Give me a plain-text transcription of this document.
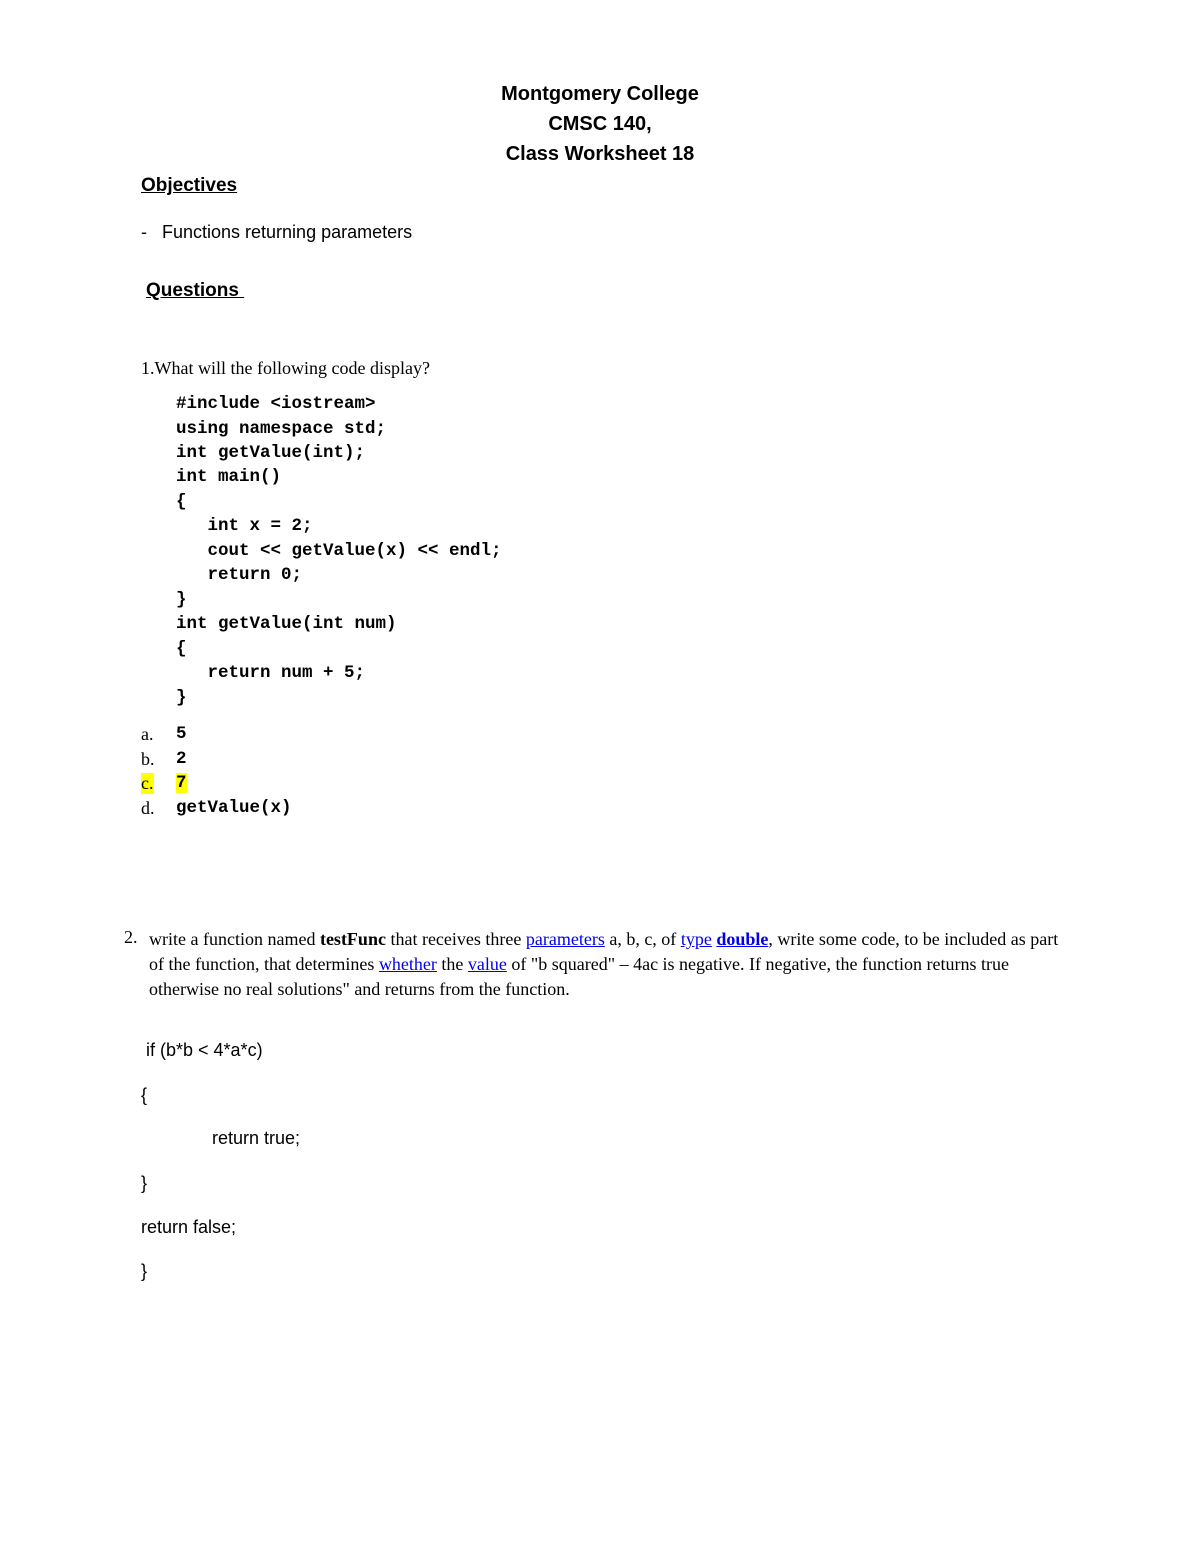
Montgomery College
CMSC 140,
Class Worksheet 18
Objectives
- Functions returning parameters
Questions
1.What will the following code display?
#include <iostream>
using namespace std;
int getValue(int);
int main()
{
int x = 2;
cout << getValue(x) << endl;
return 0;
}
int getValue(int num)
{
return num + 5;
}
a. 5
b. 2
c. 7
d. getValue(x)
2. write a function named testFunc that receives three parameters a, b, c, of type double, write some code, to be included as part of the function, that determines whether the value of "b squared" – 4ac is negative. If negative, the function returns true otherwise no real solutions" and returns from the function.
if (b*b < 4*a*c)
{
return true;
}
return false;
}
